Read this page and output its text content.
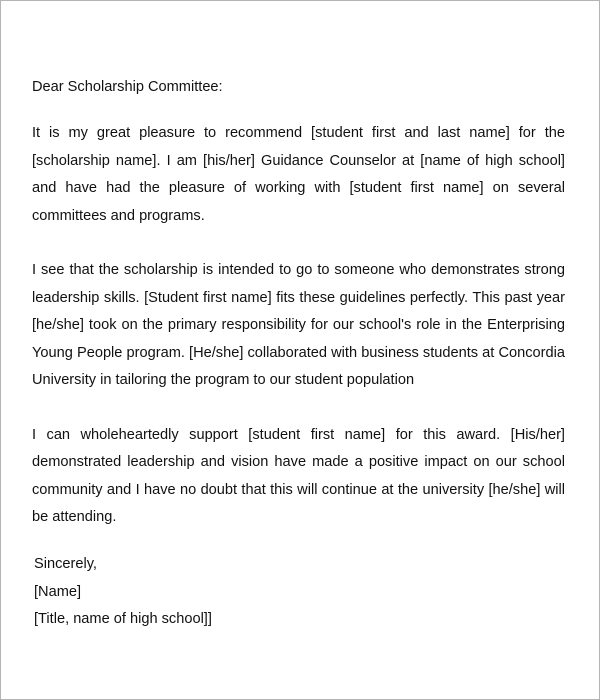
Dear Scholarship Committee:

It is my great pleasure to recommend [student first and last name] for the [scholarship name]. I am [his/her] Guidance Counselor at [name of high school] and have had the pleasure of working with [student first name] on several committees and programs.

I see that the scholarship is intended to go to someone who demonstrates strong leadership skills. [Student first name] fits these guidelines perfectly. This past year [he/she] took on the primary responsibility for our school's role in the Enterprising Young People program. [He/she] collaborated with business students at Concordia University in tailoring the program to our student population

I can wholeheartedly support [student first name] for this award. [His/her] demonstrated leadership and vision have made a positive impact on our school community and I have no doubt that this will continue at the university [he/she] will be attending.

Sincerely,
[Name]
[Title, name of high school]]
